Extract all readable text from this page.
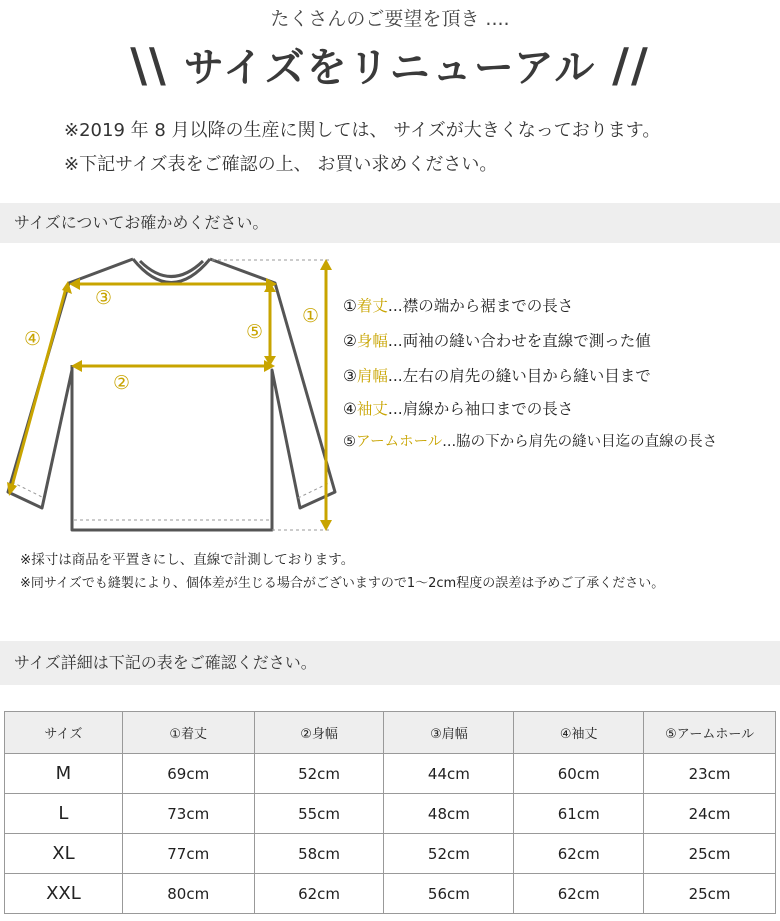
たくさんのご要望を頂き ....
\\ サイズをリニューアル //
※2019 年 8 月以降の生産に関しては、 サイズが大きくなっております。
※下記サイズ表をご確認の上、 お買い求めください。
サイズについてお確かめください。
①
②
③
④	⑤
①着丈...襟の端から裾までの長さ
②身幅...両袖の縫い合わせを直線で測った値
③肩幅...左右の肩先の縫い目から縫い目まで
④袖丈...肩線から袖口までの長さ
⑤アームホール...脇の下から肩先の縫い目迄の直線の長さ
※採寸は商品を平置きにし、直線で計測しております。
※同サイズでも縫製により、個体差が生じる場合がございますので1～2cm程度の誤差は予めご了承ください。
サイズ詳細は下記の表をご確認ください。
サイズ	①着丈	②身幅	③肩幅	④袖丈	⑤アームホール
M	69cm	52cm	44cm	60cm	23cm
L	73cm	55cm	48cm	61cm	24cm
XL	77cm	58cm	52cm	62cm	25cm
XXL	80cm	62cm	56cm	62cm	25cm
